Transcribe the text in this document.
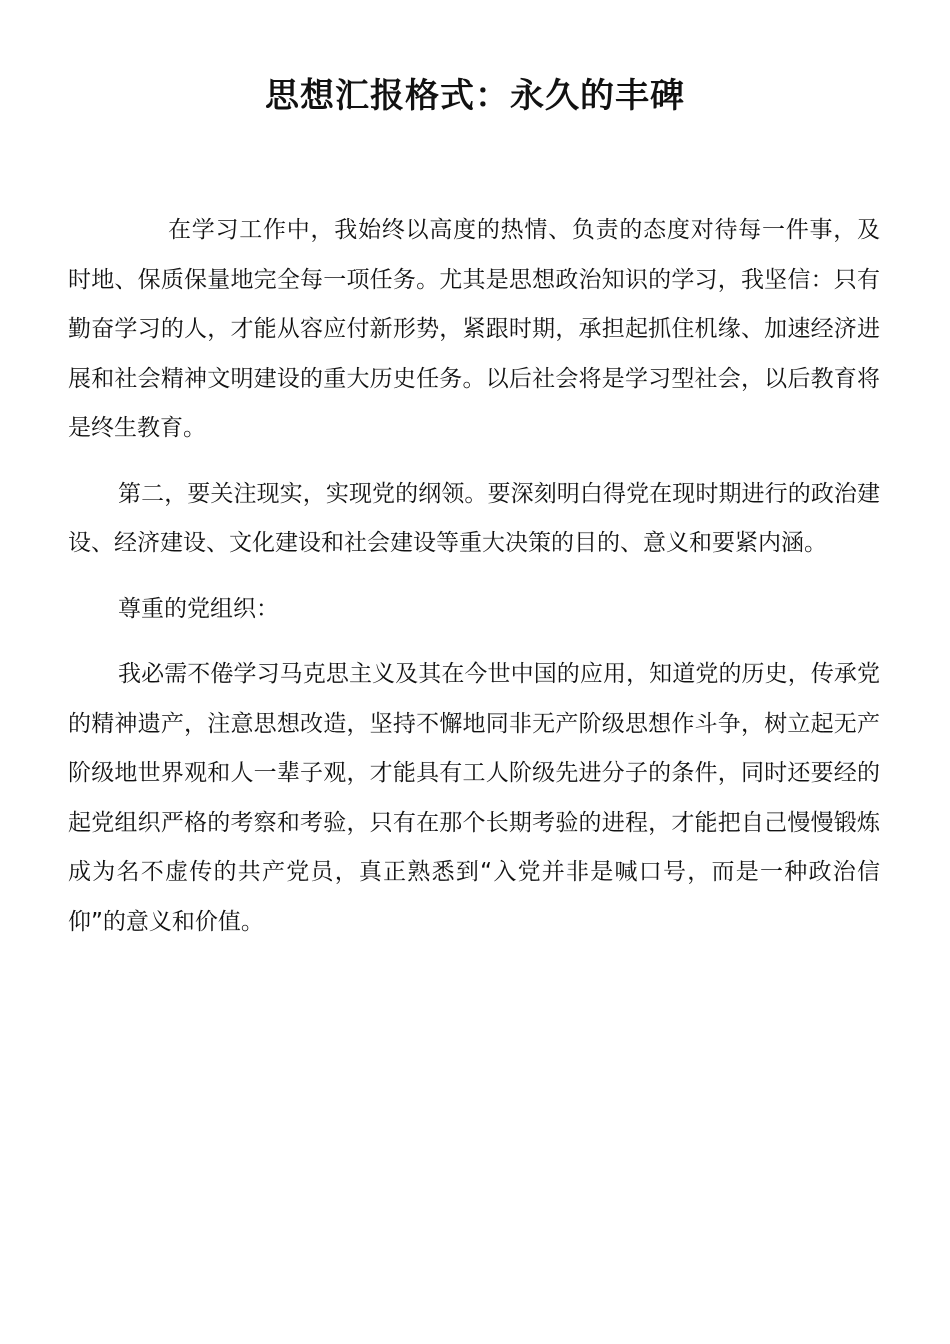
思想汇报格式：永久的丰碑

在学习工作中，我始终以高度的热情、负责的态度对待每一件事，及时地、保质保量地完全每一项任务。尤其是思想政治知识的学习，我坚信：只有勤奋学习的人，才能从容应付新形势，紧跟时期，承担起抓住机缘、加速经济进展和社会精神文明建设的重大历史任务。以后社会将是学习型社会，以后教育将是终生教育。

第二，要关注现实，实现党的纲领。要深刻明白得党在现时期进行的政治建设、经济建设、文化建设和社会建设等重大决策的目的、意义和要紧内涵。

尊重的党组织：

我必需不倦学习马克思主义及其在今世中国的应用，知道党的历史，传承党的精神遗产，注意思想改造，坚持不懈地同非无产阶级思想作斗争，树立起无产阶级地世界观和人一辈子观，才能具有工人阶级先进分子的条件，同时还要经的起党组织严格的考察和考验，只有在那个长期考验的进程，才能把自己慢慢锻炼成为名不虚传的共产党员，真正熟悉到“入党并非是喊口号，而是一种政治信仰”的意义和价值。
